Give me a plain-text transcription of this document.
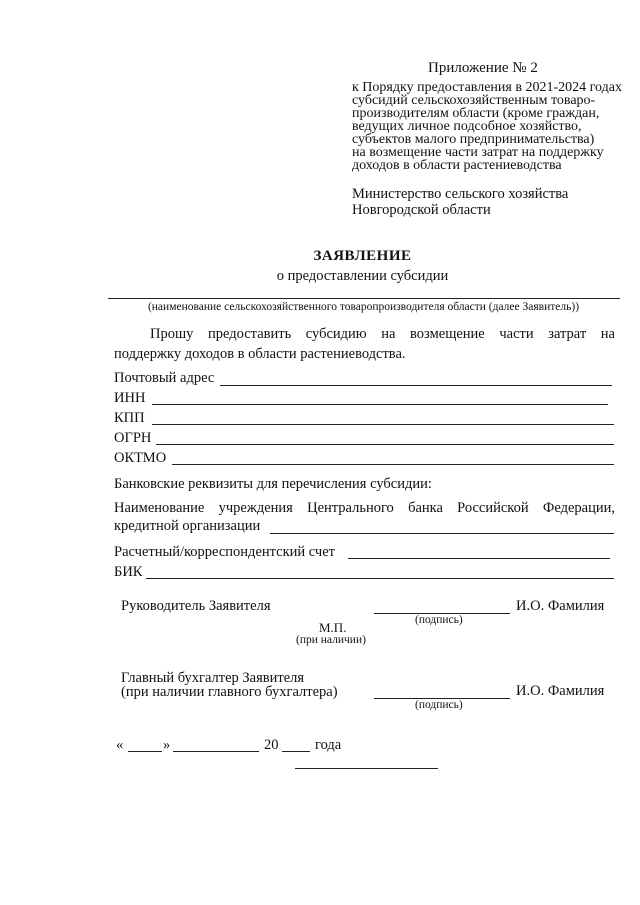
Приложение № 2
к Порядку предоставления в 2021-2024 годах
субсидий сельскохозяйственным товаро-
производителям области (кроме граждан,
ведущих личное подсобное хозяйство,
субъектов малого предпринимательства)
на возмещение части затрат на поддержку
доходов в области растениеводства
Министерство сельского хозяйства
Новгородской области
ЗАЯВЛЕНИЕ
о предоставлении субсидии
(наименование сельскохозяйственного товаропроизводителя области (далее Заявитель))
Прошу предоставить субсидию на возмещение части затрат на
поддержку доходов в области растениеводства.
Почтовый адрес
ИНН
КПП
ОГРН
ОКТМО
Банковские реквизиты для перечисления субсидии:
Наименование учреждения Центрального банка Российской Федерации,
кредитной организации
Расчетный/корреспондентский счет
БИК
Руководитель Заявителя	И.О. Фамилия
(подпись)
М.П.
(при наличии)
Главный бухгалтер Заявителя
(при наличии главного бухгалтера)	И.О. Фамилия
(подпись)
«	»	20	года
